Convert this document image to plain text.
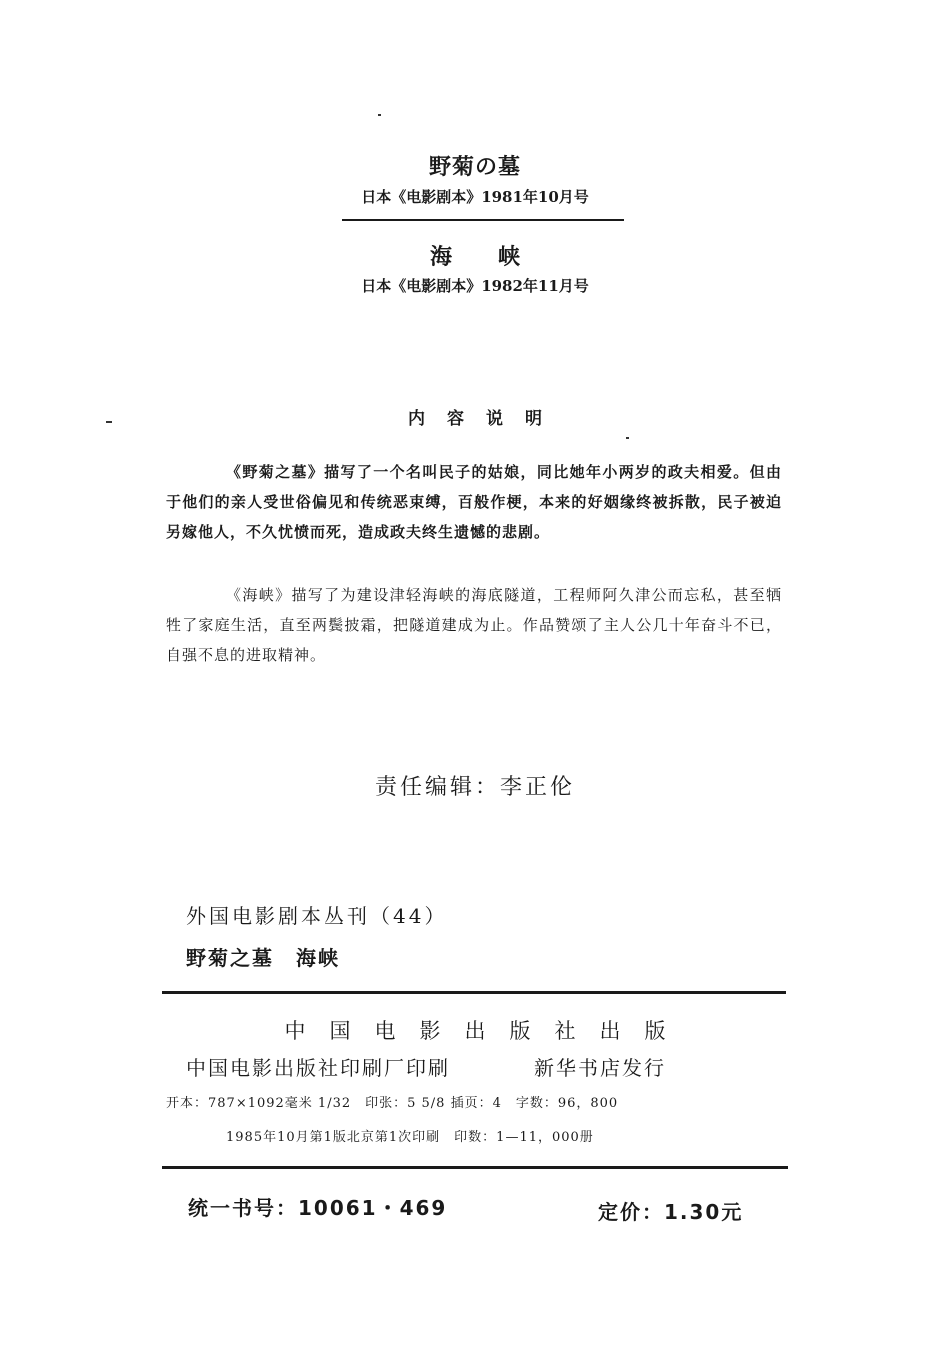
野菊の墓
日本《电影剧本》1981年10月号
海峡
日本《电影剧本》1982年11月号
内容说明
《野菊之墓》描写了一个名叫民子的姑娘，同比她年小两岁的政夫相爱。但由于他们的亲人受世俗偏见和传统恶束缚，百般作梗，本来的好姻缘终被拆散，民子被迫另嫁他人，不久忧愤而死，造成政夫终生遗憾的悲剧。
《海峡》描写了为建设津轻海峡的海底隧道，工程师阿久津公而忘私，甚至牺牲了家庭生活，直至两鬓披霜，把隧道建成为止。作品赞颂了主人公几十年奋斗不已，自强不息的进取精神。
责任编辑：李正伦
外国电影剧本丛刊（44）
野菊之墓　海峡
中国电影出版社出版
中国电影出版社印刷厂印刷	新华书店发行
开本：787×1092毫米 1/32　印张：5 5/8 插页：4　字数：96，800
1985年10月第1版北京第1次印刷　印数：1—11，000册
统一书号：10061・469	定价：1.30元
